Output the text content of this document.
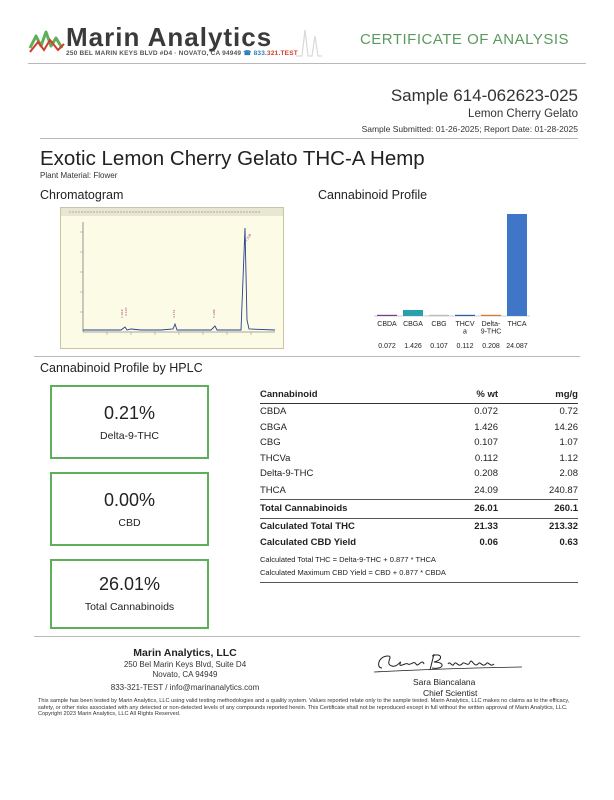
Marin Analytics
250 BEL MARIN KEYS BLVD #D4 · NOVATO, CA 94949 ☎ 833.321.TEST
CERTIFICATE OF ANALYSIS
Sample 614-062623-025
Lemon Cherry Gelato
Sample Submitted: 01-26-2025; Report Date: 01-28-2025
Exotic Lemon Cherry Gelato THC-A Hemp
Plant Material: Flower
Chromatogram
1.610 2.143	4.151	5.200
7.328
Cannabinoid Profile
CBDA
0.072
CBGA
1.426
CBG
0.107
THCV
a
0.112
Delta-
9-THC
0.208
THCA
24.087
Cannabinoid Profile by HPLC
0.21%
Delta-9-THC
0.00%
CBD
26.01%
Total Cannabinoids
Cannabinoid	% wt	mg/g
CBDA	0.072	0.72
CBGA	1.426	14.26
CBG	0.107	1.07
THCVa	0.112	1.12
Delta-9-THC	0.208	2.08
THCA	24.09	240.87
Total Cannabinoids	26.01	260.1
Calculated Total THC	21.33	213.32
Calculated CBD Yield	0.06	0.63
Calculated Total THC = Delta-9-THC + 0.877 * THCA
Calculated Maximum CBD Yield = CBD + 0.877 * CBDA
Marin Analytics, LLC
250 Bel Marin Keys Blvd, Suite D4
Novato, CA 94949
833-321-TEST / info@marinanalytics.com
Sara Biancalana
Chief Scientist
This sample has been tested by Marin Analytics, LLC using valid testing methodologies and a quality system. Values reported relate only to the sample tested. Marin Analytics, LLC makes no claims as to the efficacy, safety, or other risks associated with any detected or non-detected levels of any compounds reported herein. This Certificate shall not be reproduced except in full without the written approval of Marin Analytics, LLC. Copyright 2023 Marin Analytics, LLC All Rights Reserved.
